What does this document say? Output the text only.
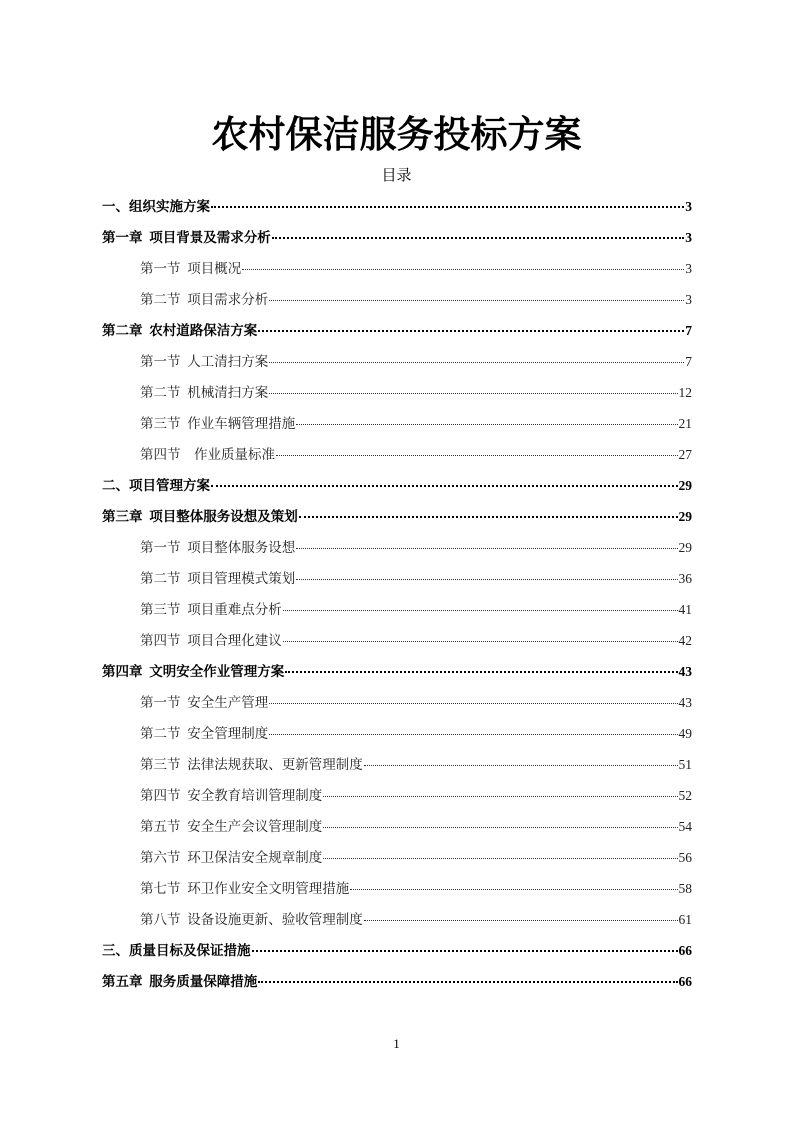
农村保洁服务投标方案
目录
一、组织实施方案	3
第一章  项目背景及需求分析	3
第一节  项目概况	3
第二节  项目需求分析	3
第二章  农村道路保洁方案	7
第一节  人工清扫方案	7
第二节  机械清扫方案	12
第三节  作业车辆管理措施	21
第四节    作业质量标准	27
二、项目管理方案	29
第三章  项目整体服务设想及策划	29
第一节  项目整体服务设想	29
第二节  项目管理模式策划	36
第三节  项目重难点分析	41
第四节  项目合理化建议	42
第四章  文明安全作业管理方案	43
第一节  安全生产管理	43
第二节  安全管理制度	49
第三节  法律法规获取、更新管理制度	51
第四节  安全教育培训管理制度	52
第五节  安全生产会议管理制度	54
第六节  环卫保洁安全规章制度	56
第七节  环卫作业安全文明管理措施	58
第八节  设备设施更新、验收管理制度	61
三、质量目标及保证措施	66
第五章  服务质量保障措施	66
1
